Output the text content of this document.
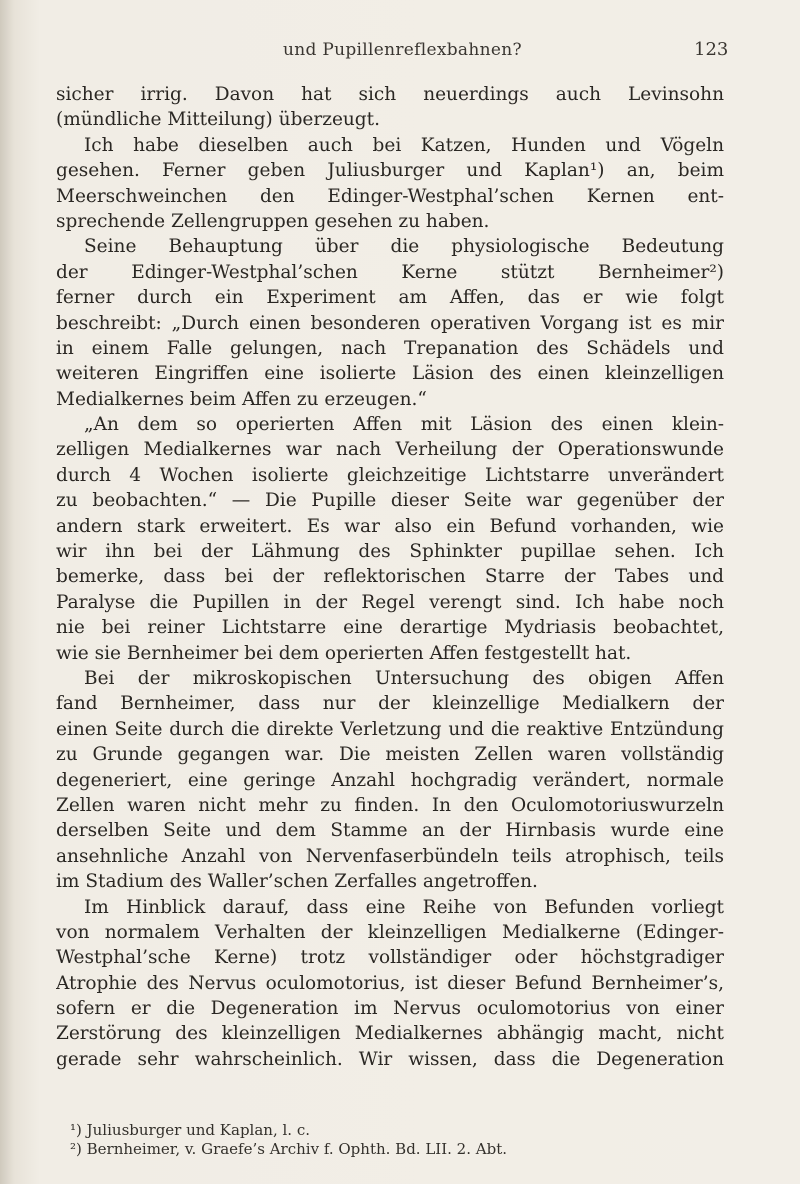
und Pupillenreflexbahnen?	123
sicher irrig. Davon hat sich neuerdings auch Levinsohn
(mündliche Mitteilung) überzeugt.
Ich habe dieselben auch bei Katzen, Hunden und Vögeln
gesehen. Ferner geben Juliusburger und Kaplan¹) an, beim
Meerschweinchen den Edinger-Westphal’schen Kernen ent-
sprechende Zellengruppen gesehen zu haben.
Seine Behauptung über die physiologische Bedeutung
der Edinger-Westphal’schen Kerne stützt Bernheimer²)
ferner durch ein Experiment am Affen, das er wie folgt
beschreibt: „Durch einen besonderen operativen Vorgang ist es mir
in einem Falle gelungen, nach Trepanation des Schädels und
weiteren Eingriffen eine isolierte Läsion des einen kleinzelligen
Medialkernes beim Affen zu erzeugen.“
„An dem so operierten Affen mit Läsion des einen klein-
zelligen Medialkernes war nach Verheilung der Operationswunde
durch 4 Wochen isolierte gleichzeitige Lichtstarre unverändert
zu beobachten.“ — Die Pupille dieser Seite war gegenüber der
andern stark erweitert. Es war also ein Befund vorhanden, wie
wir ihn bei der Lähmung des Sphinkter pupillae sehen. Ich
bemerke, dass bei der reflektorischen Starre der Tabes und
Paralyse die Pupillen in der Regel verengt sind. Ich habe noch
nie bei reiner Lichtstarre eine derartige Mydriasis beobachtet,
wie sie Bernheimer bei dem operierten Affen festgestellt hat.
Bei der mikroskopischen Untersuchung des obigen Affen
fand Bernheimer, dass nur der kleinzellige Medialkern der
einen Seite durch die direkte Verletzung und die reaktive Entzündung
zu Grunde gegangen war. Die meisten Zellen waren vollständig
degeneriert, eine geringe Anzahl hochgradig verändert, normale
Zellen waren nicht mehr zu finden. In den Oculomotoriuswurzeln
derselben Seite und dem Stamme an der Hirnbasis wurde eine
ansehnliche Anzahl von Nervenfaserbündeln teils atrophisch, teils
im Stadium des Waller’schen Zerfalles angetroffen.
Im Hinblick darauf, dass eine Reihe von Befunden vorliegt
von normalem Verhalten der kleinzelligen Medialkerne (Edinger-
Westphal’sche Kerne) trotz vollständiger oder höchstgradiger
Atrophie des Nervus oculomotorius, ist dieser Befund Bernheimer’s,
sofern er die Degeneration im Nervus oculomotorius von einer
Zerstörung des kleinzelligen Medialkernes abhängig macht, nicht
gerade sehr wahrscheinlich. Wir wissen, dass die Degeneration
¹) Juliusburger und Kaplan, l. c.
²) Bernheimer, v. Graefe’s Archiv f. Ophth. Bd. LII. 2. Abt.
